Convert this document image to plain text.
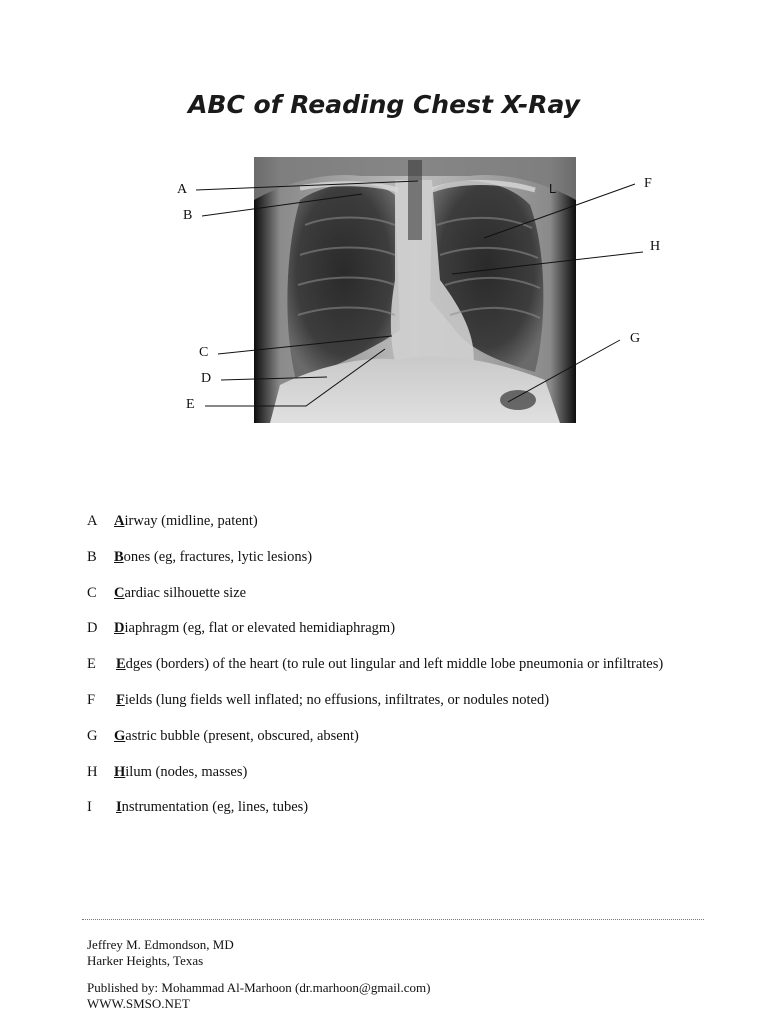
ABC of Reading Chest X-Ray
L
A
B
C
D
E
F
G
H
A Airway (midline, patent)
B Bones (eg, fractures, lytic lesions)
C Cardiac silhouette size
D Diaphragm (eg, flat or elevated hemidiaphragm)
E Edges (borders) of the heart (to rule out lingular and left middle lobe pneumonia or infiltrates)
F Fields (lung fields well inflated; no effusions, infiltrates, or nodules noted)
G Gastric bubble (present, obscured, absent)
H Hilum (nodes, masses)
I Instrumentation (eg, lines, tubes)
Jeffrey M. Edmondson, MD
Harker Heights, Texas
Published by: Mohammad Al-Marhoon (dr.marhoon@gmail.com)
WWW.SMSO.NET
